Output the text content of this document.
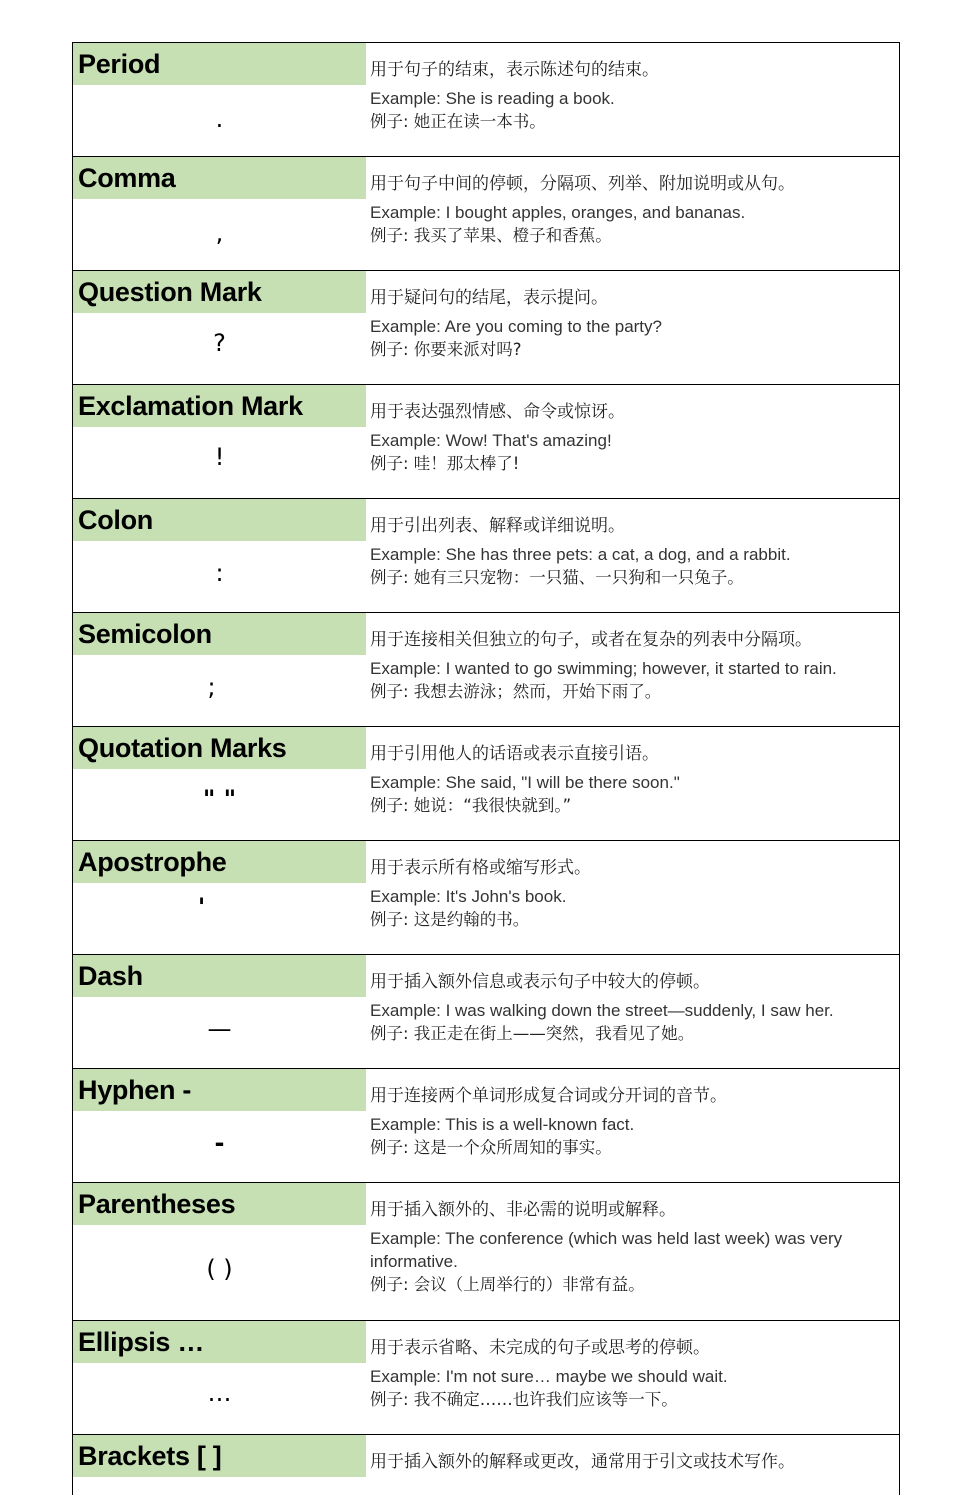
Period
.
用于句子的结束，表示陈述句的结束。
Example: She is reading a book.
例子: 她正在读一本书。
Comma
,
用于句子中间的停顿，分隔项、列举、附加说明或从句。
Example: I bought apples, oranges, and bananas.
例子: 我买了苹果、橙子和香蕉。
Question Mark
?
用于疑问句的结尾，表示提问。
Example: Are you coming to the party?
例子: 你要来派对吗?
Exclamation Mark
!
用于表达强烈情感、命令或惊讶。
Example: Wow! That's amazing!
例子: 哇！那太棒了!
Colon
:
用于引出列表、解释或详细说明。
Example: She has three pets: a cat, a dog, and a rabbit.
例子: 她有三只宠物：一只猫、一只狗和一只兔子。
Semicolon
;
用于连接相关但独立的句子，或者在复杂的列表中分隔项。
Example: I wanted to go swimming; however, it started to rain.
例子: 我想去游泳；然而，开始下雨了。
Quotation Marks
" "
用于引用他人的话语或表示直接引语。
Example: She said, "I will be there soon."
例子: 她说：“我很快就到。”
Apostrophe
'
用于表示所有格或缩写形式。
Example: It's John's book.
例子: 这是约翰的书。
Dash
—
用于插入额外信息或表示句子中较大的停顿。
Example: I was walking down the street—suddenly, I saw her.
例子: 我正走在街上——突然，我看见了她。
Hyphen -
-
用于连接两个单词形成复合词或分开词的音节。
Example: This is a well-known fact.
例子: 这是一个众所周知的事实。
Parentheses
( )
用于插入额外的、非必需的说明或解释。
Example: The conference (which was held last week) was very informative.
例子: 会议（上周举行的）非常有益。
Ellipsis …
…
用于表示省略、未完成的句子或思考的停顿。
Example: I'm not sure… maybe we should wait.
例子: 我不确定……也许我们应该等一下。
Brackets [ ]	用于插入额外的解释或更改，通常用于引文或技术写作。
